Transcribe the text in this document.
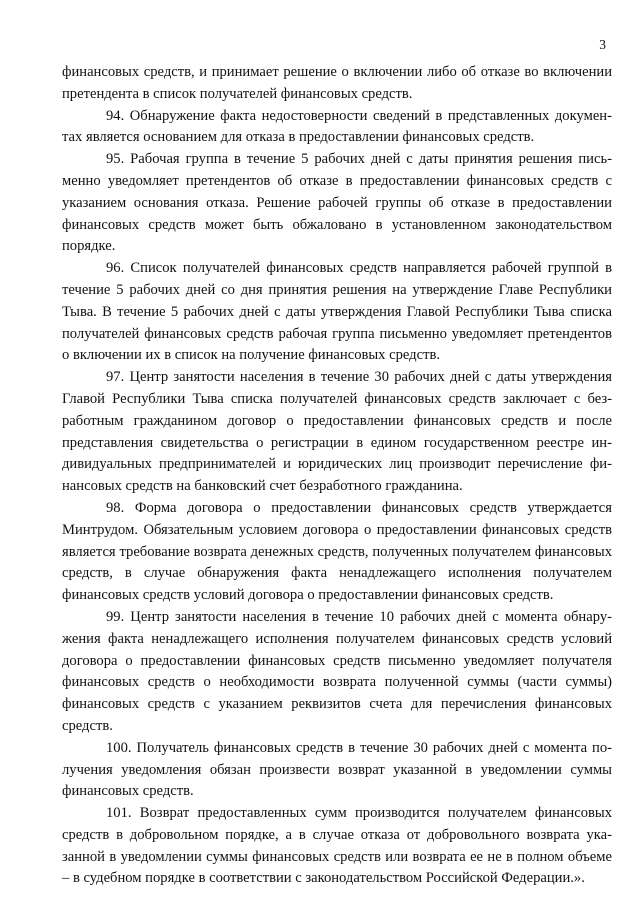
3

финансовых средств, и принимает решение о включении либо об отказе во включении претендента в список получателей финансовых средств.

94. Обнаружение факта недостоверности сведений в представленных документах является основанием для отказа в предоставлении финансовых средств.

95. Рабочая группа в течение 5 рабочих дней с даты принятия решения письменно уведомляет претендентов об отказе в предоставлении финансовых средств с указанием основания отказа. Решение рабочей группы об отказе в предоставлении финансовых средств может быть обжаловано в установленном законодательством порядке.

96. Список получателей финансовых средств направляется рабочей группой в течение 5 рабочих дней со дня принятия решения на утверждение Главе Республики Тыва. В течение 5 рабочих дней с даты утверждения Главой Республики Тыва списка получателей финансовых средств рабочая группа письменно уведомляет претендентов о включении их в список на получение финансовых средств.

97. Центр занятости населения в течение 30 рабочих дней с даты утверждения Главой Республики Тыва списка получателей финансовых средств заключает с безработным гражданином договор о предоставлении финансовых средств и после представления свидетельства о регистрации в едином государственном реестре индивидуальных предпринимателей и юридических лиц производит перечисление финансовых средств на банковский счет безработного гражданина.

98. Форма договора о предоставлении финансовых средств утверждается Минтрудом. Обязательным условием договора о предоставлении финансовых средств является требование возврата денежных средств, полученных получателем финансовых средств, в случае обнаружения факта ненадлежащего исполнения получателем финансовых средств условий договора о предоставлении финансовых средств.

99. Центр занятости населения в течение 10 рабочих дней с момента обнаружения факта ненадлежащего исполнения получателем финансовых средств условий договора о предоставлении финансовых средств письменно уведомляет получателя финансовых средств о необходимости возврата полученной суммы (части суммы) финансовых средств с указанием реквизитов счета для перечисления финансовых средств.

100. Получатель финансовых средств в течение 30 рабочих дней с момента получения уведомления обязан произвести возврат указанной в уведомлении суммы финансовых средств.

101. Возврат предоставленных сумм производится получателем финансовых средств в добровольном порядке, а в случае отказа от добровольного возврата указанной в уведомлении суммы финансовых средств или возврата ее не в полном объеме – в судебном порядке в соответствии с законодательством Российской Федерации.».
